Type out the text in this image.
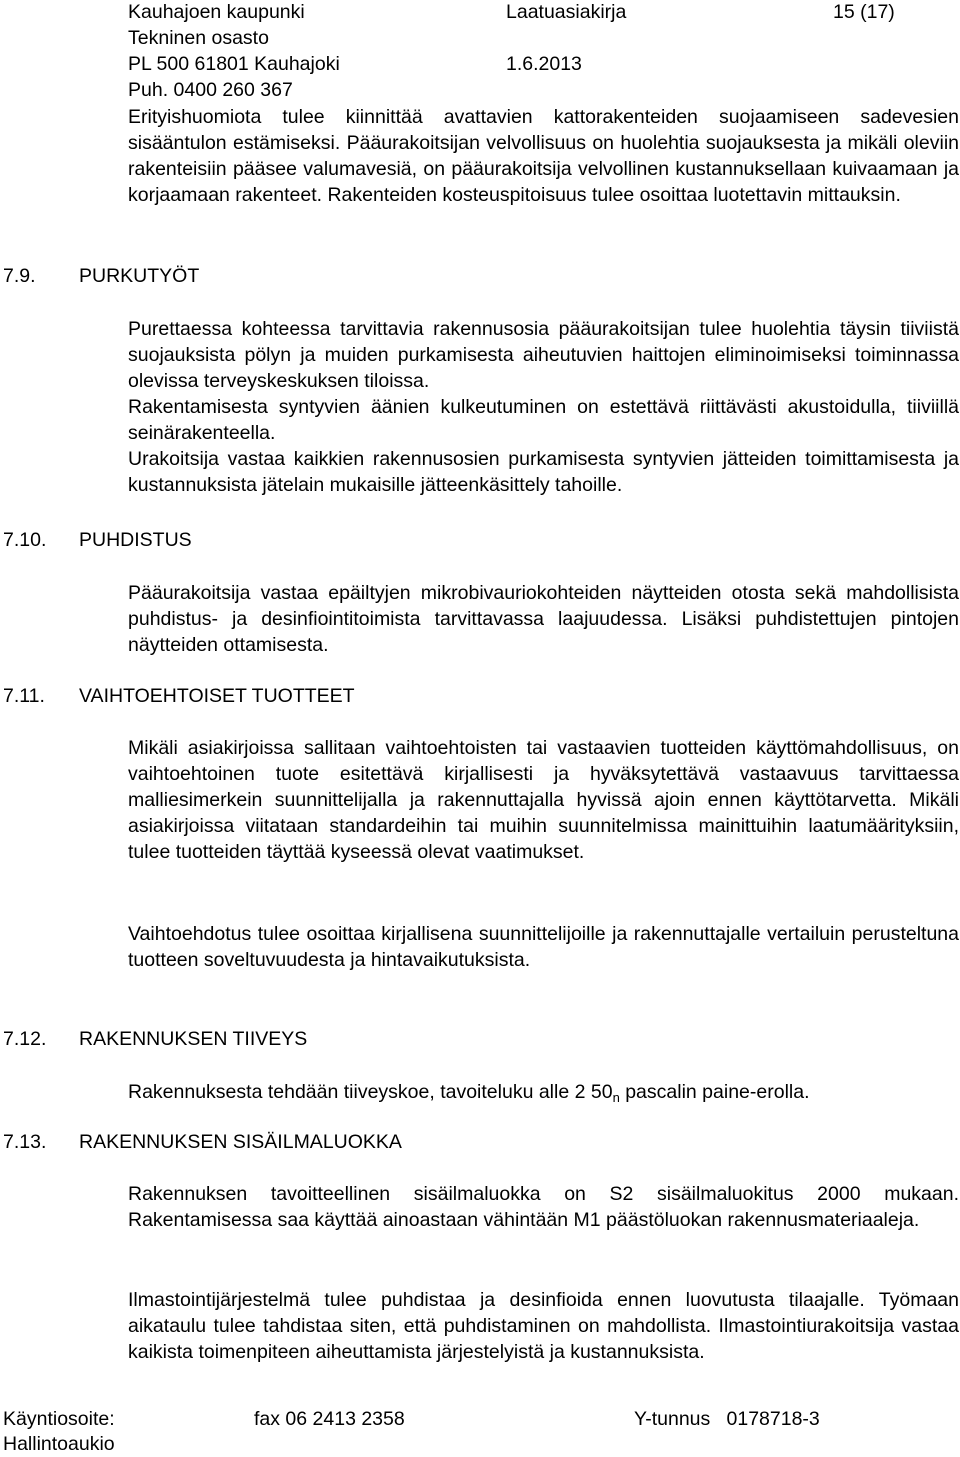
Kauhajoen kaupunki	Laatuasiakirja	15 (17)
Tekninen osasto
PL 500 61801 Kauhajoki	1.6.2013
Puh. 0400 260 367

Erityishuomiota tulee kiinnittää avattavien kattorakenteiden suojaamiseen sadevesien sisääntulon estämiseksi. Pääurakoitsijan velvollisuus on huolehtia suojauksesta ja mikäli oleviin rakenteisiin pääsee valumavesiä, on pääurakoitsija velvollinen kustannuksellaan kuivaamaan ja korjaamaan rakenteet. Rakenteiden kosteuspitoisuus tulee osoittaa luotettavin mittauksin.

7.9. PURKUTYÖT

Purettaessa kohteessa tarvittavia rakennusosia pääurakoitsijan tulee huolehtia täysin tiiviistä suojauksista pölyn ja muiden purkamisesta aiheutuvien haittojen eliminoimiseksi toiminnassa olevissa terveyskeskuksen tiloissa.

Rakentamisesta syntyvien äänien kulkeutuminen on estettävä riittävästi akustoidulla, tiiviillä seinärakenteella.

Urakoitsija vastaa kaikkien rakennusosien purkamisesta syntyvien jätteiden toimittamisesta ja kustannuksista jätelain mukaisille jätteenkäsittely tahoille.

7.10. PUHDISTUS

Pääurakoitsija vastaa epäiltyjen mikrobivauriokohteiden näytteiden otosta sekä mahdollisista puhdistus- ja desinfiointitoimista tarvittavassa laajuudessa. Lisäksi puhdistettujen pintojen näytteiden ottamisesta.

7.11. VAIHTOEHTOISET TUOTTEET

Mikäli asiakirjoissa sallitaan vaihtoehtoisten tai vastaavien tuotteiden käyttömahdollisuus, on vaihtoehtoinen tuote esitettävä kirjallisesti ja hyväksytettävä vastaavuus tarvittaessa malliesimerkein suunnittelijalla ja rakennuttajalla hyvissä ajoin ennen käyttötarvetta. Mikäli asiakirjoissa viitataan standardeihin tai muihin suunnitelmissa mainittuihin laatumäärityksiin, tulee tuotteiden täyttää kyseessä olevat vaatimukset.

Vaihtoehdotus tulee osoittaa kirjallisena suunnittelijoille ja rakennuttajalle vertailuin perusteltuna tuotteen soveltuvuudesta ja hintavaikutuksista.

7.12. RAKENNUKSEN TIIVEYS

Rakennuksesta tehdään tiiveyskoe, tavoiteluku alle 2 $50_n$ pascalin paine-erolla.

7.13. RAKENNUKSEN SISÄILMALUOKKA

Rakennuksen tavoitteellinen sisäilmaluokka on S2 sisäilmaluokitus 2000 mukaan. Rakentamisessa saa käyttää ainoastaan vähintään M1 päästöluokan rakennusmateriaaleja.

Ilmastointijärjestelmä tulee puhdistaa ja desinfioida ennen luovutusta tilaajalle. Työmaan aikataulu tulee tahdistaa siten, että puhdistaminen on mahdollista. Ilmastointiurakoitsija vastaa kaikista toimenpiteen aiheuttamista järjestelyistä ja kustannuksista.

Käyntiosoite:	fax 06 2413 2358	Y-tunnus   0178718-3
Hallintoaukio
